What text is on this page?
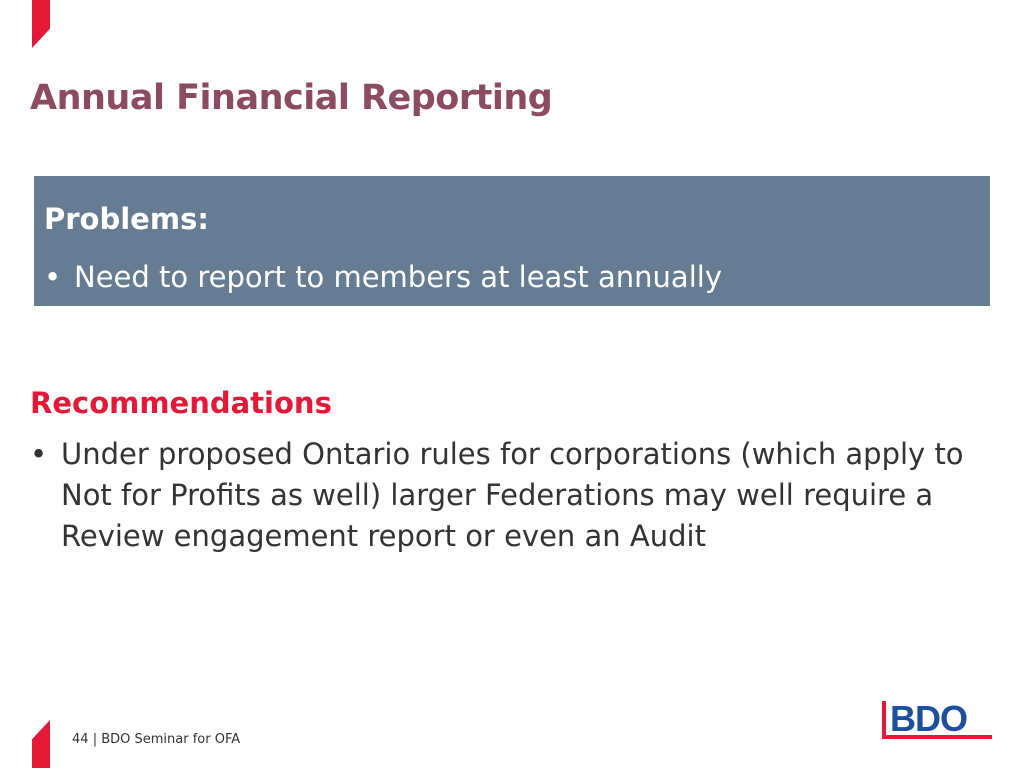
Annual Financial Reporting
Problems:
• Need to report to members at least annually
Recommendations
• Under proposed Ontario rules for corporations (which apply to Not for Profits as well) larger Federations may well require a Review engagement report or even an Audit
44 | BDO Seminar for OFA
BDO
